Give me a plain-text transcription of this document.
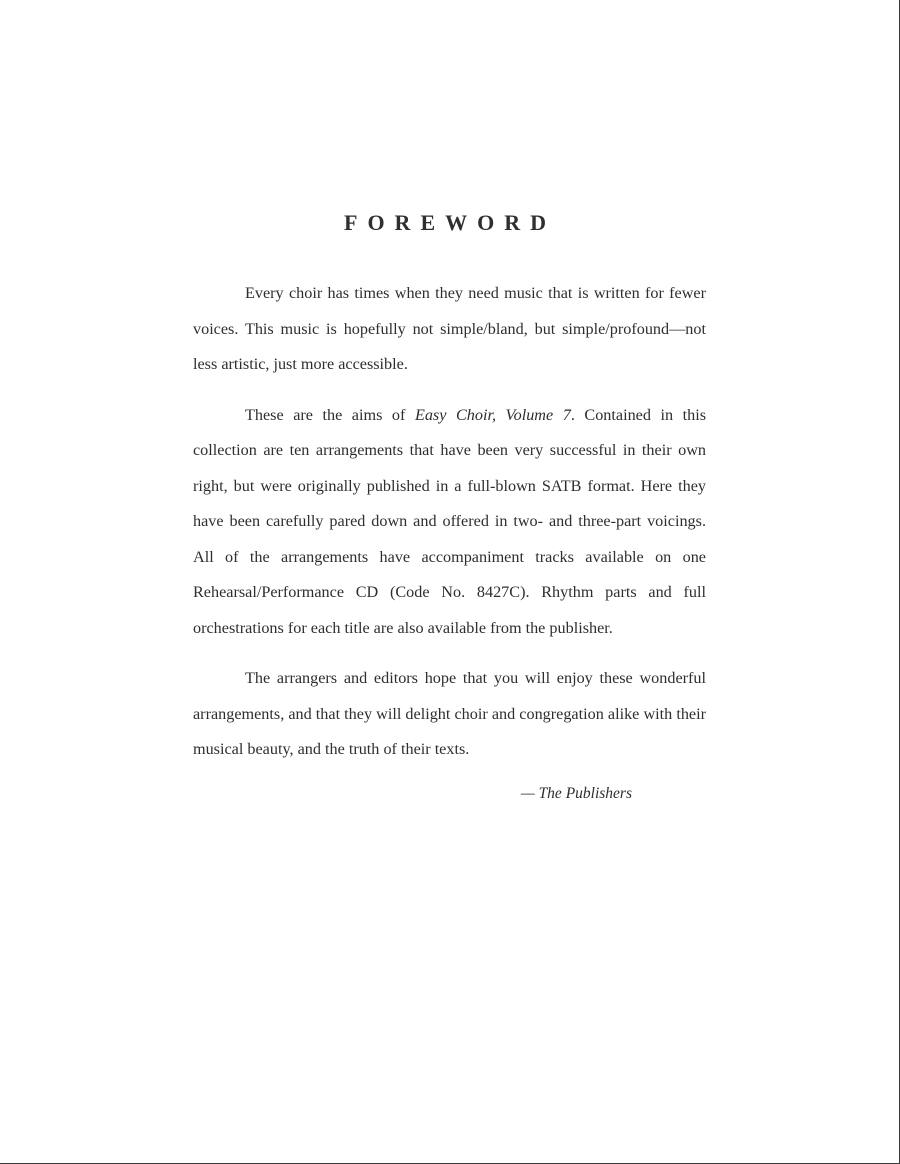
FOREWORD

Every choir has times when they need music that is written for fewer voices. This music is hopefully not simple/bland, but simple/profound—not less artistic, just more accessible.

These are the aims of Easy Choir, Volume 7. Contained in this collection are ten arrangements that have been very successful in their own right, but were originally published in a full-blown SATB format. Here they have been carefully pared down and offered in two- and three-part voicings. All of the arrangements have accompaniment tracks available on one Rehearsal/Performance CD (Code No. 8427C). Rhythm parts and full orchestrations for each title are also available from the publisher.

The arrangers and editors hope that you will enjoy these wonderful arrangements, and that they will delight choir and congregation alike with their musical beauty, and the truth of their texts.

— The Publishers
